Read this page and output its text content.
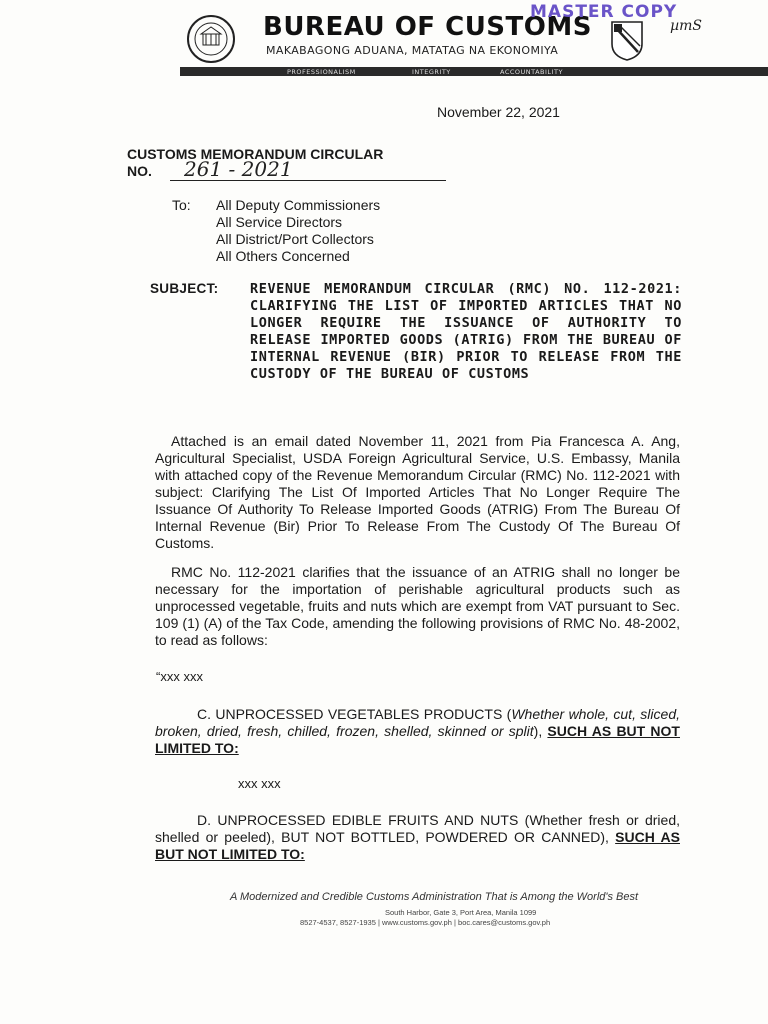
BUREAU OF CUSTOMS
MAKABAGONG ADUANA, MATATAG NA EKONOMIYA
MASTER COPY
µmS
PROFESSIONALISM	INTEGRITY	ACCOUNTABILITY
November 22, 2021
CUSTOMS MEMORANDUM CIRCULAR
NO.	261 - 2021
To: All Deputy Commissioners
All Service Directors
All District/Port Collectors
All Others Concerned
SUBJECT: REVENUE MEMORANDUM CIRCULAR (RMC) NO. 112-2021: CLARIFYING THE LIST OF IMPORTED ARTICLES THAT NO LONGER REQUIRE THE ISSUANCE OF AUTHORITY TO RELEASE IMPORTED GOODS (ATRIG) FROM THE BUREAU OF INTERNAL REVENUE (BIR) PRIOR TO RELEASE FROM THE CUSTODY OF THE BUREAU OF CUSTOMS
Attached is an email dated November 11, 2021 from Pia Francesca A. Ang, Agricultural Specialist, USDA Foreign Agricultural Service, U.S. Embassy, Manila with attached copy of the Revenue Memorandum Circular (RMC) No. 112-2021 with subject: Clarifying The List Of Imported Articles That No Longer Require The Issuance Of Authority To Release Imported Goods (ATRIG) From The Bureau Of Internal Revenue (Bir) Prior To Release From The Custody Of The Bureau Of Customs.
RMC No. 112-2021 clarifies that the issuance of an ATRIG shall no longer be necessary for the importation of perishable agricultural products such as unprocessed vegetable, fruits and nuts which are exempt from VAT pursuant to Sec. 109 (1) (A) of the Tax Code, amending the following provisions of RMC No. 48-2002, to read as follows:
“xxx xxx
C. UNPROCESSED VEGETABLES PRODUCTS (Whether whole, cut, sliced, broken, dried, fresh, chilled, frozen, shelled, skinned or split), SUCH AS BUT NOT LIMITED TO:
xxx xxx
D. UNPROCESSED EDIBLE FRUITS AND NUTS (Whether fresh or dried, shelled or peeled), BUT NOT BOTTLED, POWDERED OR CANNED), SUCH AS BUT NOT LIMITED TO:
A Modernized and Credible Customs Administration That is Among the World's Best
South Harbor, Gate 3, Port Area, Manila 1099
8527-4537, 8527-1935 | www.customs.gov.ph | boc.cares@customs.gov.ph
